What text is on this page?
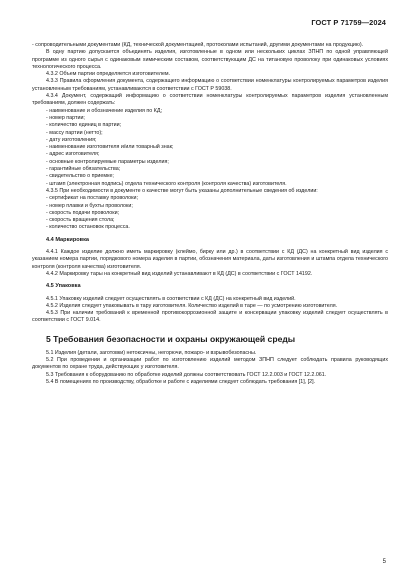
ГОСТ Р 71759—2024
- сопроводительными документами (КД, технической документацией, протоколами испытаний, другими документами на продукцию).
В одну партию допускается объединять изделия, изготовленные в одном или нескольких циклах ЗПНП по одной управляющей программе из одного сырья с одинаковым химическим составом, соответствующим ДС на титановую проволоку при одинаковых условиях технологического процесса.
4.3.2 Объем партии определяется изготовителем.
4.3.3 Правила оформления документа, содержащего информацию о соответствии номенклатуры контролируемых параметров изделия установленным требованиям, устанавливаются в соответствии с ГОСТ Р 59038.
4.3.4 Документ, содержащий информацию о соответствии номенклатуры контролируемых параметров изделия установленным требованиям, должен содержать:
- наименование и обозначение изделия по КД;
- номер партии;
- количество единиц в партии;
- массу партии (нетто);
- дату изготовления;
- наименование изготовителя и/или товарный знак;
- адрес изготовителя;
- основные контролируемые параметры изделия;
- гарантийные обязательства;
- свидетельство о приемке;
- штамп (электронная подпись) отдела технического контроля (контроля качества) изготовителя.
4.3.5 При необходимости в документе о качестве могут быть указаны дополнительные сведения об изделии:
- сертификат на поставку проволоки;
- номер плавки и бухты проволоки;
- скорость подачи проволоки;
- скорость вращения стола;
- количество остановок процесса.
4.4 Маркировка
4.4.1 Каждое изделие должно иметь маркировку (клеймо, бирку или др.) в соответствии с КД (ДС) на конкретный вид изделия с указанием номера партии, порядкового номера изделия в партии, обозначения материала, даты изготовления и штампа отдела технического контроля (контроля качества) изготовителя.
4.4.2 Маркировку тары на конкретный вид изделий устанавливают в КД (ДС) в соответствии с ГОСТ 14192.
4.5 Упаковка
4.5.1 Упаковку изделий следует осуществлять в соответствии с КД (ДС) на конкретный вид изделий.
4.5.2 Изделия следует упаковывать в тару изготовителя. Количество изделий в таре — по усмотрению изготовителя.
4.5.3 При наличии требований к временной противокоррозионной защите и консервации упаковку изделий следует осуществлять в соответствии с ГОСТ 9.014.
5 Требования безопасности и охраны окружающей среды
5.1 Изделия (детали, заготовки) нетоксичны, негорючи, пожаро- и взрывобезопасны.
5.2 При проведении и организации работ по изготовлению изделий методом ЗПНП следует соблюдать правила руководящих документов по охране труда, действующих у изготовителя.
5.3 Требования к оборудованию по обработке изделий должны соответствовать ГОСТ 12.2.003 и ГОСТ 12.2.061.
5.4 В помещениях по производству, обработке и работе с изделиями следует соблюдать требования [1], [2].
5
